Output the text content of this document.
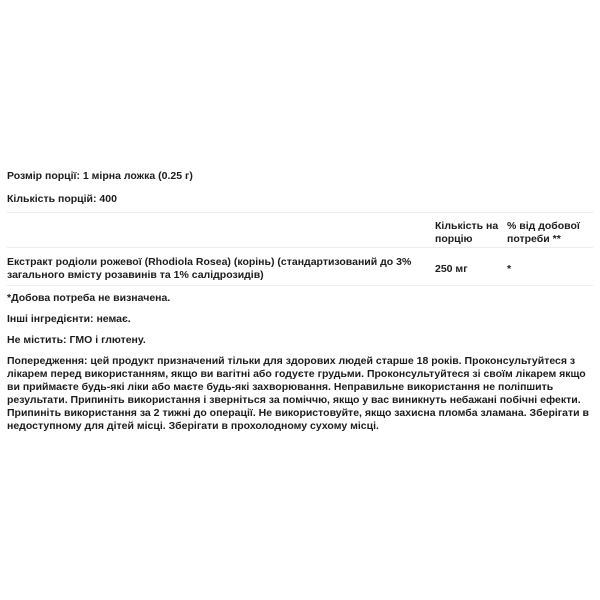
Розмір порції: 1 мірна ложка (0.25 г)
Кількість порцій: 400
Кількість на порцію
% від добової потреби **
Екстракт родіоли рожевої (Rhodiola Rosea) (корінь) (стандартизований до 3% загального вмісту розавинів та 1% салідрозидів)	250 мг	*
*Добова потреба не визначена.
Інші інгредієнти: немає.
Не містить: ГМО і глютену.
Попередження: цей продукт призначений тільки для здорових людей старше 18 років. Проконсультуйтеся з лікарем перед використанням, якщо ви вагітні або годуєте грудьми. Проконсультуйтеся зі своїм лікарем якщо ви приймаєте будь-які ліки або маєте будь-які захворювання. Неправильне використання не поліпшить результати. Припиніть використання і зверніться за поміччю, якщо у вас виникнуть небажані побічні ефекти. Припиніть використання за 2 тижні до операції. Не використовуйте, якщо захисна пломба зламана. Зберігати в недоступному для дітей місці. Зберігати в прохолодному сухому місці.
